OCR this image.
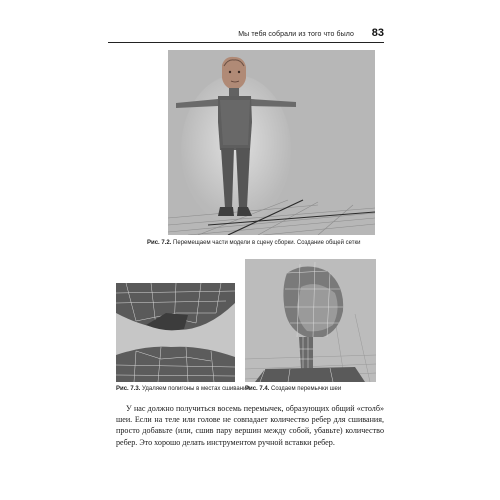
Мы тебя собрали из того что было 83
Рис. 7.2. Перемещаем части модели в сцену сборки. Создание общей сетки
Рис. 7.3. Удаляем полигоны в местах сшивания
Рис. 7.4. Создаем перемычки шеи

У нас должно получиться восемь перемычек, образующих общий «столб» шеи. Если на теле или голове не совпадает количество ребер для сшивания, просто добавьте (или, сшив пару вершин между собой, убавьте) количество ребер. Это хорошо делать инструментом ручной вставки ребер.
